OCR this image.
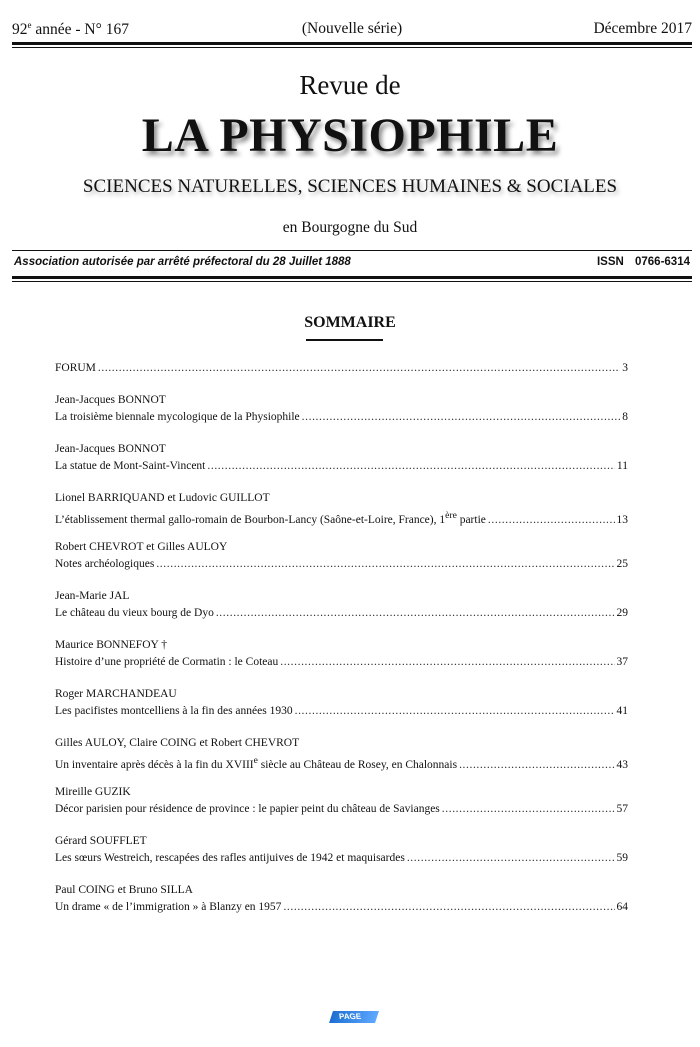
92e année - N° 167	(Nouvelle série)	Décembre 2017
Revue de
LA PHYSIOPHILE
SCIENCES NATURELLES, SCIENCES HUMAINES & SOCIALES
en Bourgogne du Sud
Association autorisée par arrêté préfectoral du 28 Juillet 1888	ISSN 0766-6314
SOMMAIRE
FORUM .....	3
Jean-Jacques BONNOT
La troisième biennale mycologique de la Physiophile .....	8
Jean-Jacques BONNOT
La statue de Mont-Saint-Vincent .....	11
Lionel BARRIQUAND et Ludovic GUILLOT
L’établissement thermal gallo-romain de Bourbon-Lancy (Saône-et-Loire, France), 1ère partie .....	13
Robert CHEVROT et Gilles AULOY
Notes archéologiques .....	25
Jean-Marie JAL
Le château du vieux bourg de Dyo .....	29
Maurice BONNEFOY †
Histoire d’une propriété de Cormatin : le Coteau .....	37
Roger MARCHANDEAU
Les pacifistes montcelliens à la fin des années 1930 .....	41
Gilles AULOY, Claire COING et Robert CHEVROT
Un inventaire après décès à la fin du XVIIIe siècle au Château de Rosey, en Chalonnais .....	43
Mireille GUZIK
Décor parisien pour résidence de province : le papier peint du château de Savianges .....	57
Gérard SOUFFLET
Les sœurs Westreich, rescapées des rafles antijuives de 1942 et maquisardes .....	59
Paul COING et Bruno SILLA
Un drame « de l’immigration » à Blanzy en 1957 .....	64
PAGE

1
